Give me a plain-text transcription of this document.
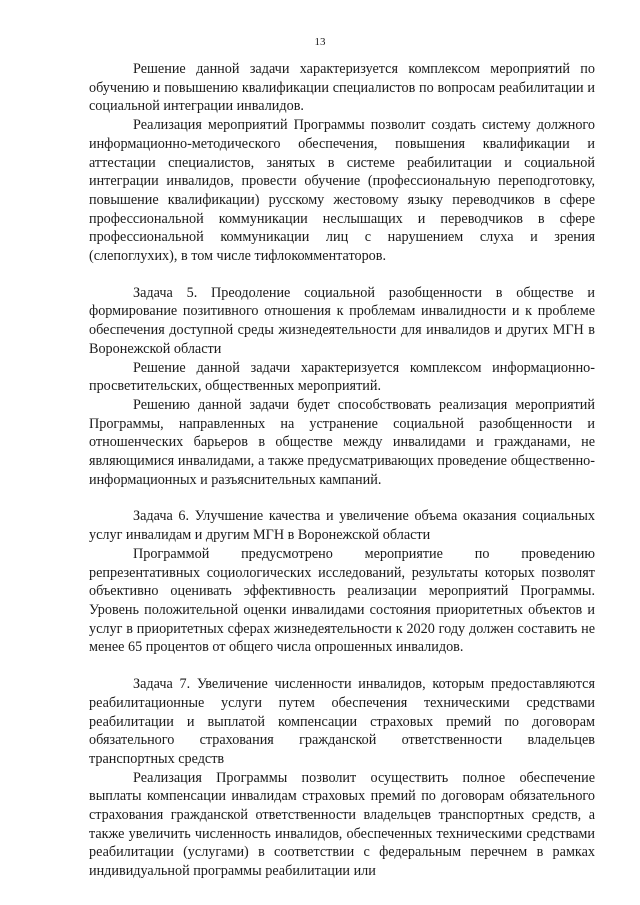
13

Решение данной задачи характеризуется комплексом мероприятий по обучению и повышению квалификации специалистов по вопросам реабилитации и социальной интеграции инвалидов.

Реализация мероприятий Программы позволит создать систему должного информационно-методического обеспечения, повышения квалификации и аттестации специалистов, занятых в системе реабилитации и социальной интеграции инвалидов, провести обучение (профессиональную переподготовку, повышение квалификации) русскому жестовому языку переводчиков в сфере профессиональной коммуникации неслышащих и переводчиков в сфере профессиональной коммуникации лиц с нарушением слуха и зрения (слепоглухих), в том числе тифлокомментаторов.

Задача 5. Преодоление социальной разобщенности в обществе и формирование позитивного отношения к проблемам инвалидности и к проблеме обеспечения доступной среды жизнедеятельности для инвалидов и других МГН в Воронежской области

Решение данной задачи характеризуется комплексом информационно-просветительских, общественных мероприятий.

Решению данной задачи будет способствовать реализация мероприятий Программы, направленных на устранение социальной разобщенности и отношенческих барьеров в обществе между инвалидами и гражданами, не являющимися инвалидами, а также предусматривающих проведение общественно-информационных и разъяснительных кампаний.

Задача 6. Улучшение качества и увеличение объема оказания социальных услуг инвалидам и другим МГН в Воронежской области

Программой предусмотрено мероприятие по проведению репрезентативных социологических исследований, результаты которых позволят объективно оценивать эффективность реализации мероприятий Программы. Уровень положительной оценки инвалидами состояния приоритетных объектов и услуг в приоритетных сферах жизнедеятельности к 2020 году должен составить не менее 65 процентов от общего числа опрошенных инвалидов.

Задача 7. Увеличение численности инвалидов, которым предоставляются реабилитационные услуги путем обеспечения техническими средствами реабилитации и выплатой компенсации страховых премий по договорам обязательного страхования гражданской ответственности владельцев транспортных средств

Реализация Программы позволит осуществить полное обеспечение выплаты компенсации инвалидам страховых премий по договорам обязательного страхования гражданской ответственности владельцев транспортных средств, а также увеличить численность инвалидов, обеспеченных техническими средствами реабилитации (услугами) в соответствии с федеральным перечнем в рамках индивидуальной программы реабилитации или
